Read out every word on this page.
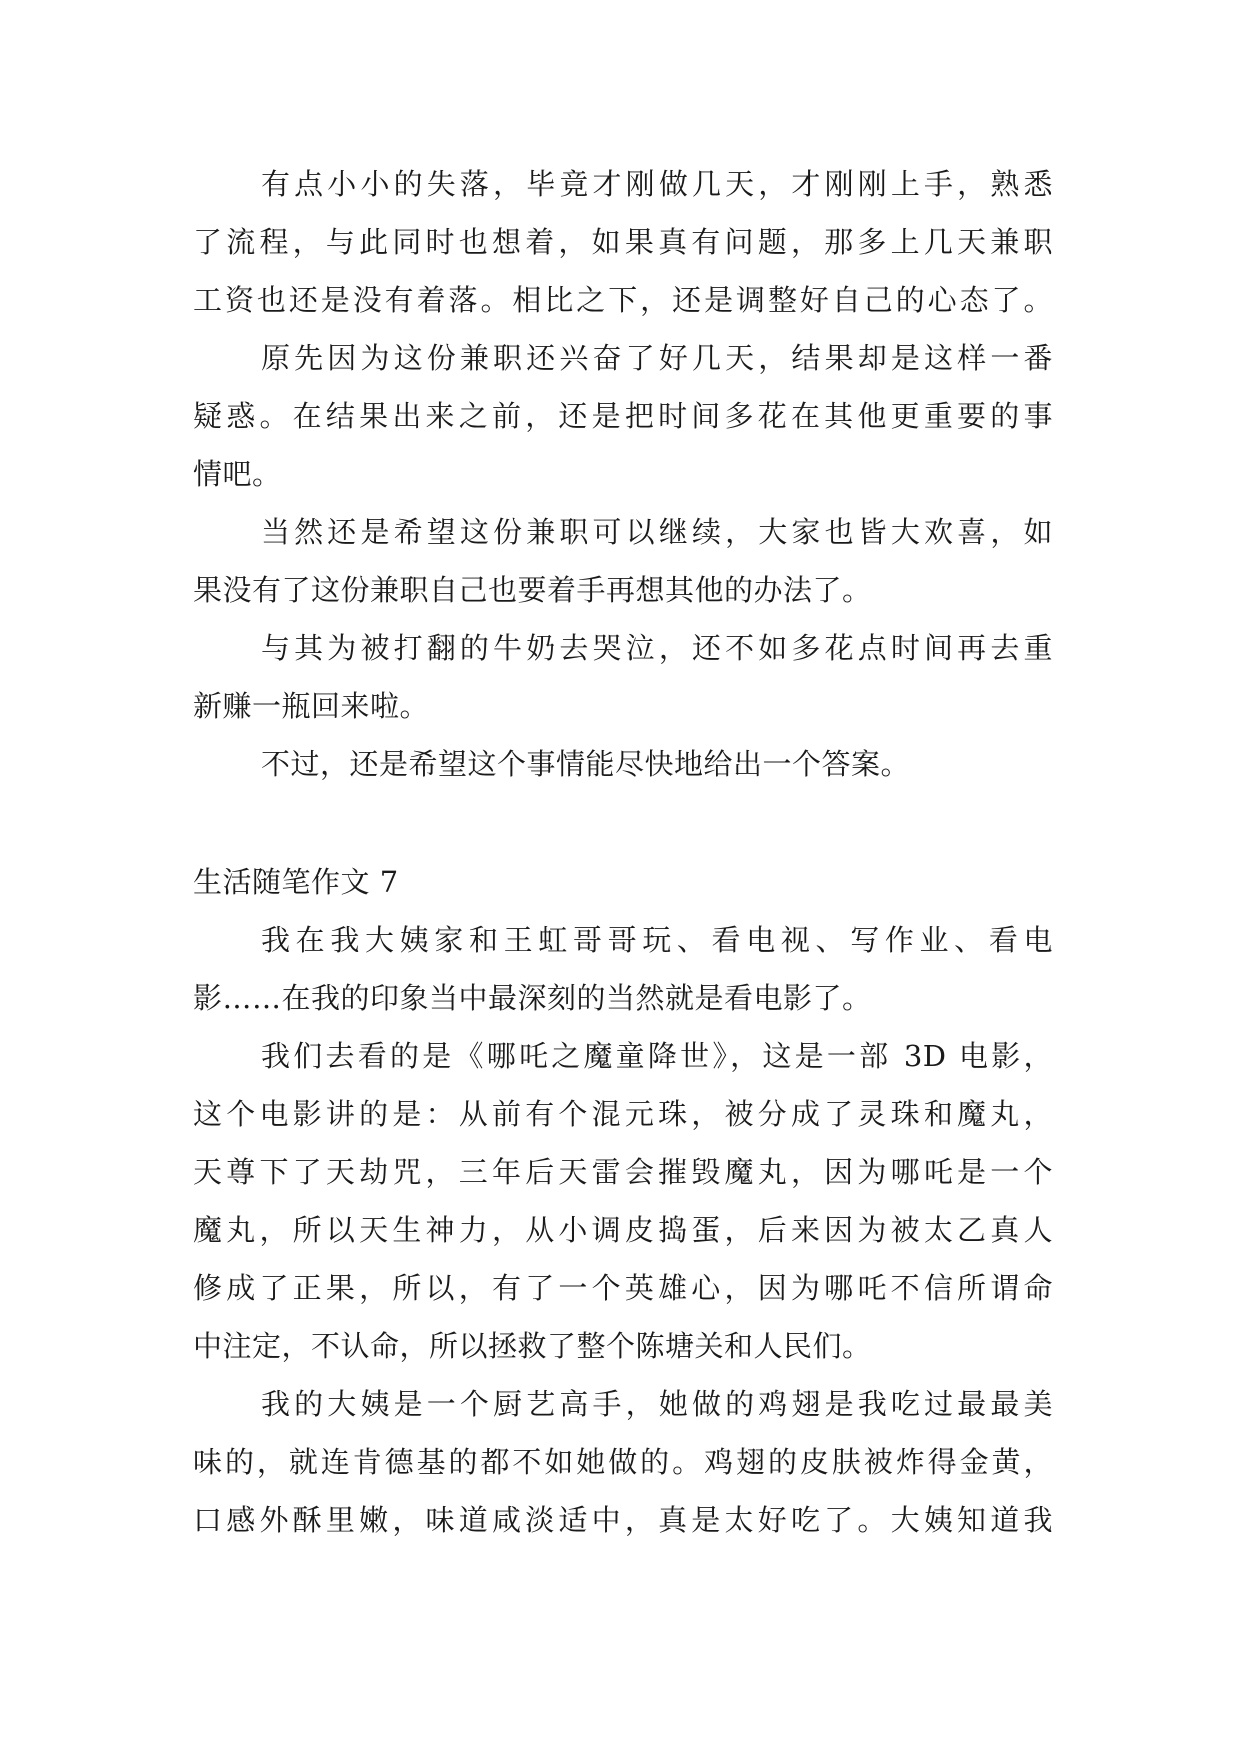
有点小小的失落，毕竟才刚做几天，才刚刚上手，熟悉
了流程，与此同时也想着，如果真有问题，那多上几天兼职
工资也还是没有着落。相比之下，还是调整好自己的心态了。
原先因为这份兼职还兴奋了好几天，结果却是这样一番
疑惑。在结果出来之前，还是把时间多花在其他更重要的事
情吧。
当然还是希望这份兼职可以继续，大家也皆大欢喜，如
果没有了这份兼职自己也要着手再想其他的办法了。
与其为被打翻的牛奶去哭泣，还不如多花点时间再去重
新赚一瓶回来啦。
不过，还是希望这个事情能尽快地给出一个答案。
生活随笔作文 7
我在我大姨家和王虹哥哥玩、看电视、写作业、看电
影……在我的印象当中最深刻的当然就是看电影了。
我们去看的是《哪吒之魔童降世》，这是一部 3D 电影，
这个电影讲的是：从前有个混元珠，被分成了灵珠和魔丸，
天尊下了天劫咒，三年后天雷会摧毁魔丸，因为哪吒是一个
魔丸，所以天生神力，从小调皮捣蛋，后来因为被太乙真人
修成了正果，所以，有了一个英雄心，因为哪吒不信所谓命
中注定，不认命，所以拯救了整个陈塘关和人民们。
我的大姨是一个厨艺高手，她做的鸡翅是我吃过最最美
味的，就连肯德基的都不如她做的。鸡翅的皮肤被炸得金黄，
口感外酥里嫩，味道咸淡适中，真是太好吃了。大姨知道我
